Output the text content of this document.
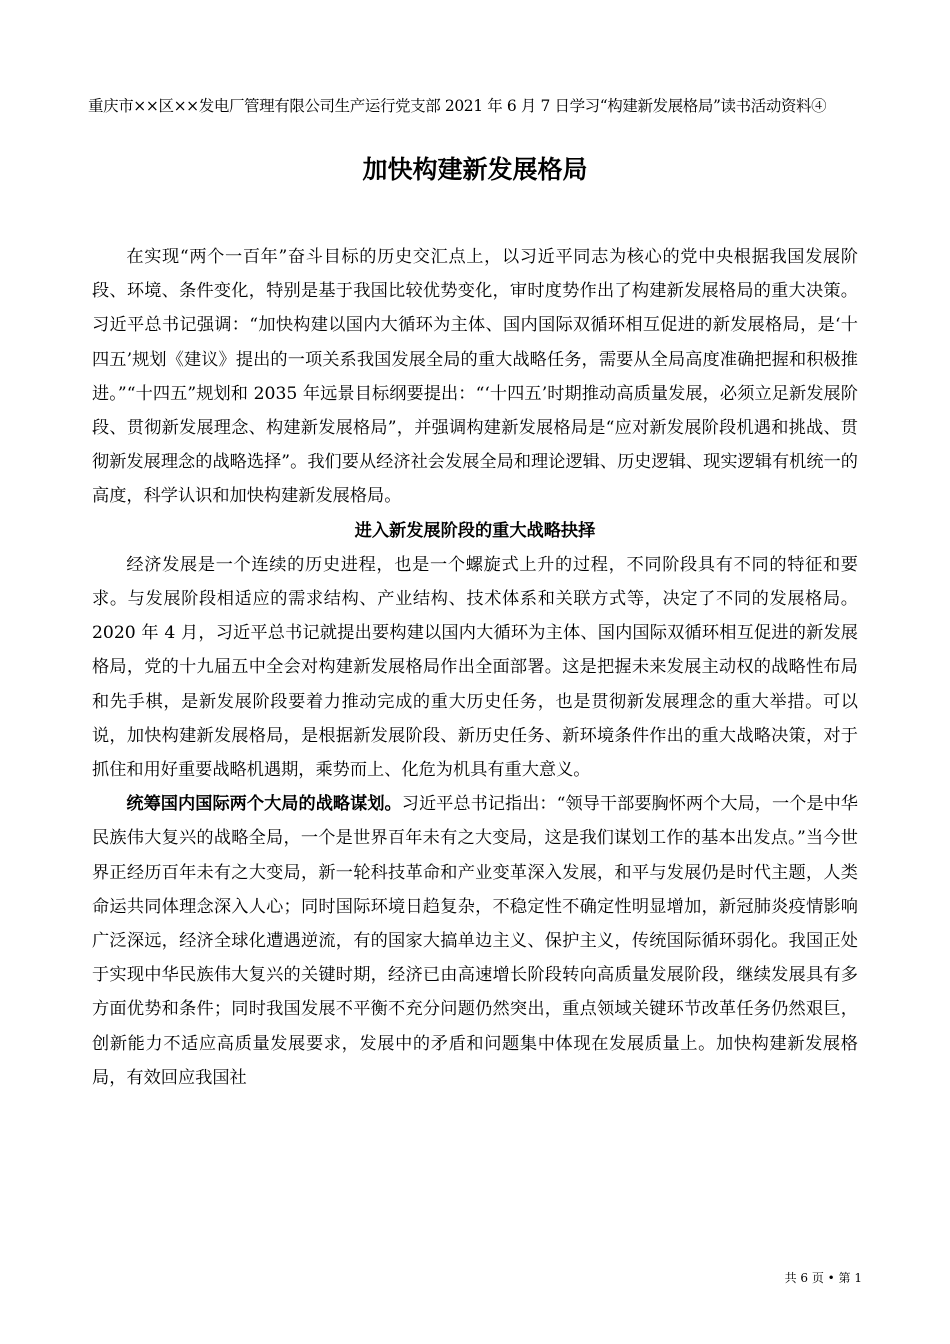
重庆市××区××发电厂管理有限公司生产运行党支部 2021 年 6 月 7 日学习“构建新发展格局”读书活动资料④
加快构建新发展格局

在实现“两个一百年”奋斗目标的历史交汇点上，以习近平同志为核心的党中央根据我国发展阶段、环境、条件变化，特别是基于我国比较优势变化，审时度势作出了构建新发展格局的重大决策。习近平总书记强调：“加快构建以国内大循环为主体、国内国际双循环相互促进的新发展格局，是‘十四五’规划《建议》提出的一项关系我国发展全局的重大战略任务，需要从全局高度准确把握和积极推进。”“十四五”规划和 2035 年远景目标纲要提出：“‘十四五’时期推动高质量发展，必须立足新发展阶段、贯彻新发展理念、构建新发展格局”，并强调构建新发展格局是“应对新发展阶段机遇和挑战、贯彻新发展理念的战略选择”。我们要从经济社会发展全局和理论逻辑、历史逻辑、现实逻辑有机统一的高度，科学认识和加快构建新发展格局。

进入新发展阶段的重大战略抉择

经济发展是一个连续的历史进程，也是一个螺旋式上升的过程，不同阶段具有不同的特征和要求。与发展阶段相适应的需求结构、产业结构、技术体系和关联方式等，决定了不同的发展格局。2020 年 4 月，习近平总书记就提出要构建以国内大循环为主体、国内国际双循环相互促进的新发展格局，党的十九届五中全会对构建新发展格局作出全面部署。这是把握未来发展主动权的战略性布局和先手棋，是新发展阶段要着力推动完成的重大历史任务，也是贯彻新发展理念的重大举措。可以说，加快构建新发展格局，是根据新发展阶段、新历史任务、新环境条件作出的重大战略决策，对于抓住和用好重要战略机遇期，乘势而上、化危为机具有重大意义。

统筹国内国际两个大局的战略谋划。习近平总书记指出：“领导干部要胸怀两个大局，一个是中华民族伟大复兴的战略全局，一个是世界百年未有之大变局，这是我们谋划工作的基本出发点。”当今世界正经历百年未有之大变局，新一轮科技革命和产业变革深入发展，和平与发展仍是时代主题，人类命运共同体理念深入人心；同时国际环境日趋复杂，不稳定性不确定性明显增加，新冠肺炎疫情影响广泛深远，经济全球化遭遇逆流，有的国家大搞单边主义、保护主义，传统国际循环弱化。我国正处于实现中华民族伟大复兴的关键时期，经济已由高速增长阶段转向高质量发展阶段，继续发展具有多方面优势和条件；同时我国发展不平衡不充分问题仍然突出，重点领域关键环节改革任务仍然艰巨，创新能力不适应高质量发展要求，发展中的矛盾和问题集中体现在发展质量上。加快构建新发展格局，有效回应我国社

共 6 页 • 第 1
